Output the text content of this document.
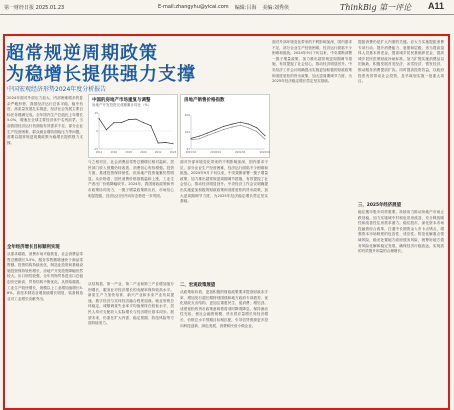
第一财经日报 2025.01.23	E-mail:zhangyhu@yicai.com 编辑:吕海 美编:刘秀侠	ThinkBig 第一评论 A11
超常规逆周期政策
为稳增长提供强力支撑
中国宏观经济形势2024年度分析报告
2024年面对外部压力加大、内部困难增多的复杂严峻形势，我国经济运行总体平稳、稳中有进，高质量发展扎实推进，经济社会发展主要目标任务圆满完成。全年国内生产总值比上年增长5.0%，增速在全球主要经济体中名列前茅。当前我国经济运行仍面临有效需求不足、部分企业生产经营困难、群众就业增收面临压力等问题，需要以超常规逆周期政策为稳增长提供强力支撑。
全年经济增长目标顺利实现
从需求端看，消费市场平稳恢复，社会消费品零售总额增长3.5%，服务零售额增速快于商品零售额。投资结构持续优化，制造业投资和基础设施投资保持较快增长，房地产开发投资降幅仍然较大。出口韧性较强，全年货物贸易进出口总值创历史新高，贸易结构不断优化。从供给端看，工业生产较快增长，规模以上工业增加值增长5.8%，高技术制造业增加值增长明显，装备制造业对工业增长贡献突出。
中国的房地产市场重复与调整
房地产开发投资完成额累计同比（%）
-15
0
15
2014	2016	2018	2020	2022	2024
房地产销售价格指数
97
102
106
2015/01	2018/01	2021/01	2024/01
与之相对应，社会消费品零售总额增长相对温和，居民部门收入预期仍待改善，消费信心有待增强。投资方面，基建投资保持韧性，但房地产投资拖累仍然明显。从价格看，居民消费价格指数温和上涨，工业生产者出厂价格降幅收窄。2024年，我国财政政策和货币政策协同发力，一揽子增量政策推出后，市场信心明显提振，经济运行回升向好态势进一步巩固。
从结构看，第一产业、第二产业和第三产业增加值分别增长，服务业对经济增长的贡献率保持较高水平。新质生产力加快培育，新兴产业和未来产业布局提速，数字经济与实体经济融合程度加深。就业形势总体稳定，城镇调查失业率平均值保持在较低水平，居民人均可支配收入实际增长与经济增长基本同步。展望未来，仍需在扩大内需、稳定预期、防范风险等方面持续发力。
面对外部环境变化带来的不利影响加深，国内需求不足，部分企业生产经营困难，经济运行面临不少困难和挑战。2024年9月下旬以来，中央果断部署一揽子增量政策，加力推出超常规逆周期调节措施，有效提振了社会信心，推动经济明显回升。中央经济工作会议明确提出实施更加积极的财政政策和适度宽松的货币政策，加大逆周期调节力度，为2025年经济稳定增长奠定坚实基础。
二、宏观政策展望
从政策取向看，更加积极的财政政策要求提高财政赤字率，增加发行超长期特别国债和地方政府专项债券，优化财政支出结构，更加注重惠民生、促消费、增后劲。适度宽松的货币政策意味着将适时降准降息，保持流动性充裕，使社会融资规模、货币供应量增长同经济增长、价格总水平预期目标相匹配，引导信贷资源更多投向科技创新、绿色发展、消费和民营小微企业。
面对外部环境变化带来的不利影响加深，国内需求不足，部分企业生产经营困难，经济运行面临不少困难和挑战。2024年9月下旬以来，中央果断部署一揽子增量政策，加力推出超常规逆周期调节措施，有效提振了社会信心，推动经济明显回升。中央经济工作会议明确提出实施更加积极的财政政策和适度宽松的货币政策，加大逆周期调节力度，为2025年经济稳定增长奠定坚实基础。
提振消费仍是扩大内需的关键。应大力实施提振消费专项行动，提升消费能力、意愿和层级，适当提高退休人员基本养老金，提高城乡居民基础养老金，提高城乡居民医保财政补助标准。加力扩围实施消费品以旧换新，积极发展首发经济、冰雪经济、银发经济，推动服务消费提质扩容。同时提高投资效益，以政府投资有效带动社会投资，及早谋划实施一批重大项目。
三、2025年经济展望
稳住楼市股市同样重要。持续用力推动房地产市场止跌回稳，加力实施城中村和危旧房改造，充分释放刚性和改善性住房需求潜力。稳住股市，深化资本市场投融资综合改革，打通中长期资金入市卡点堵点，增强资本市场制度的包容性、适应性。防范化解重点领域风险，稳妥处置地方政府债务风险，统筹好地方债务风险化解和稳定发展，确保经济行稳致远，实现质的有效提升和量的合理增长。
